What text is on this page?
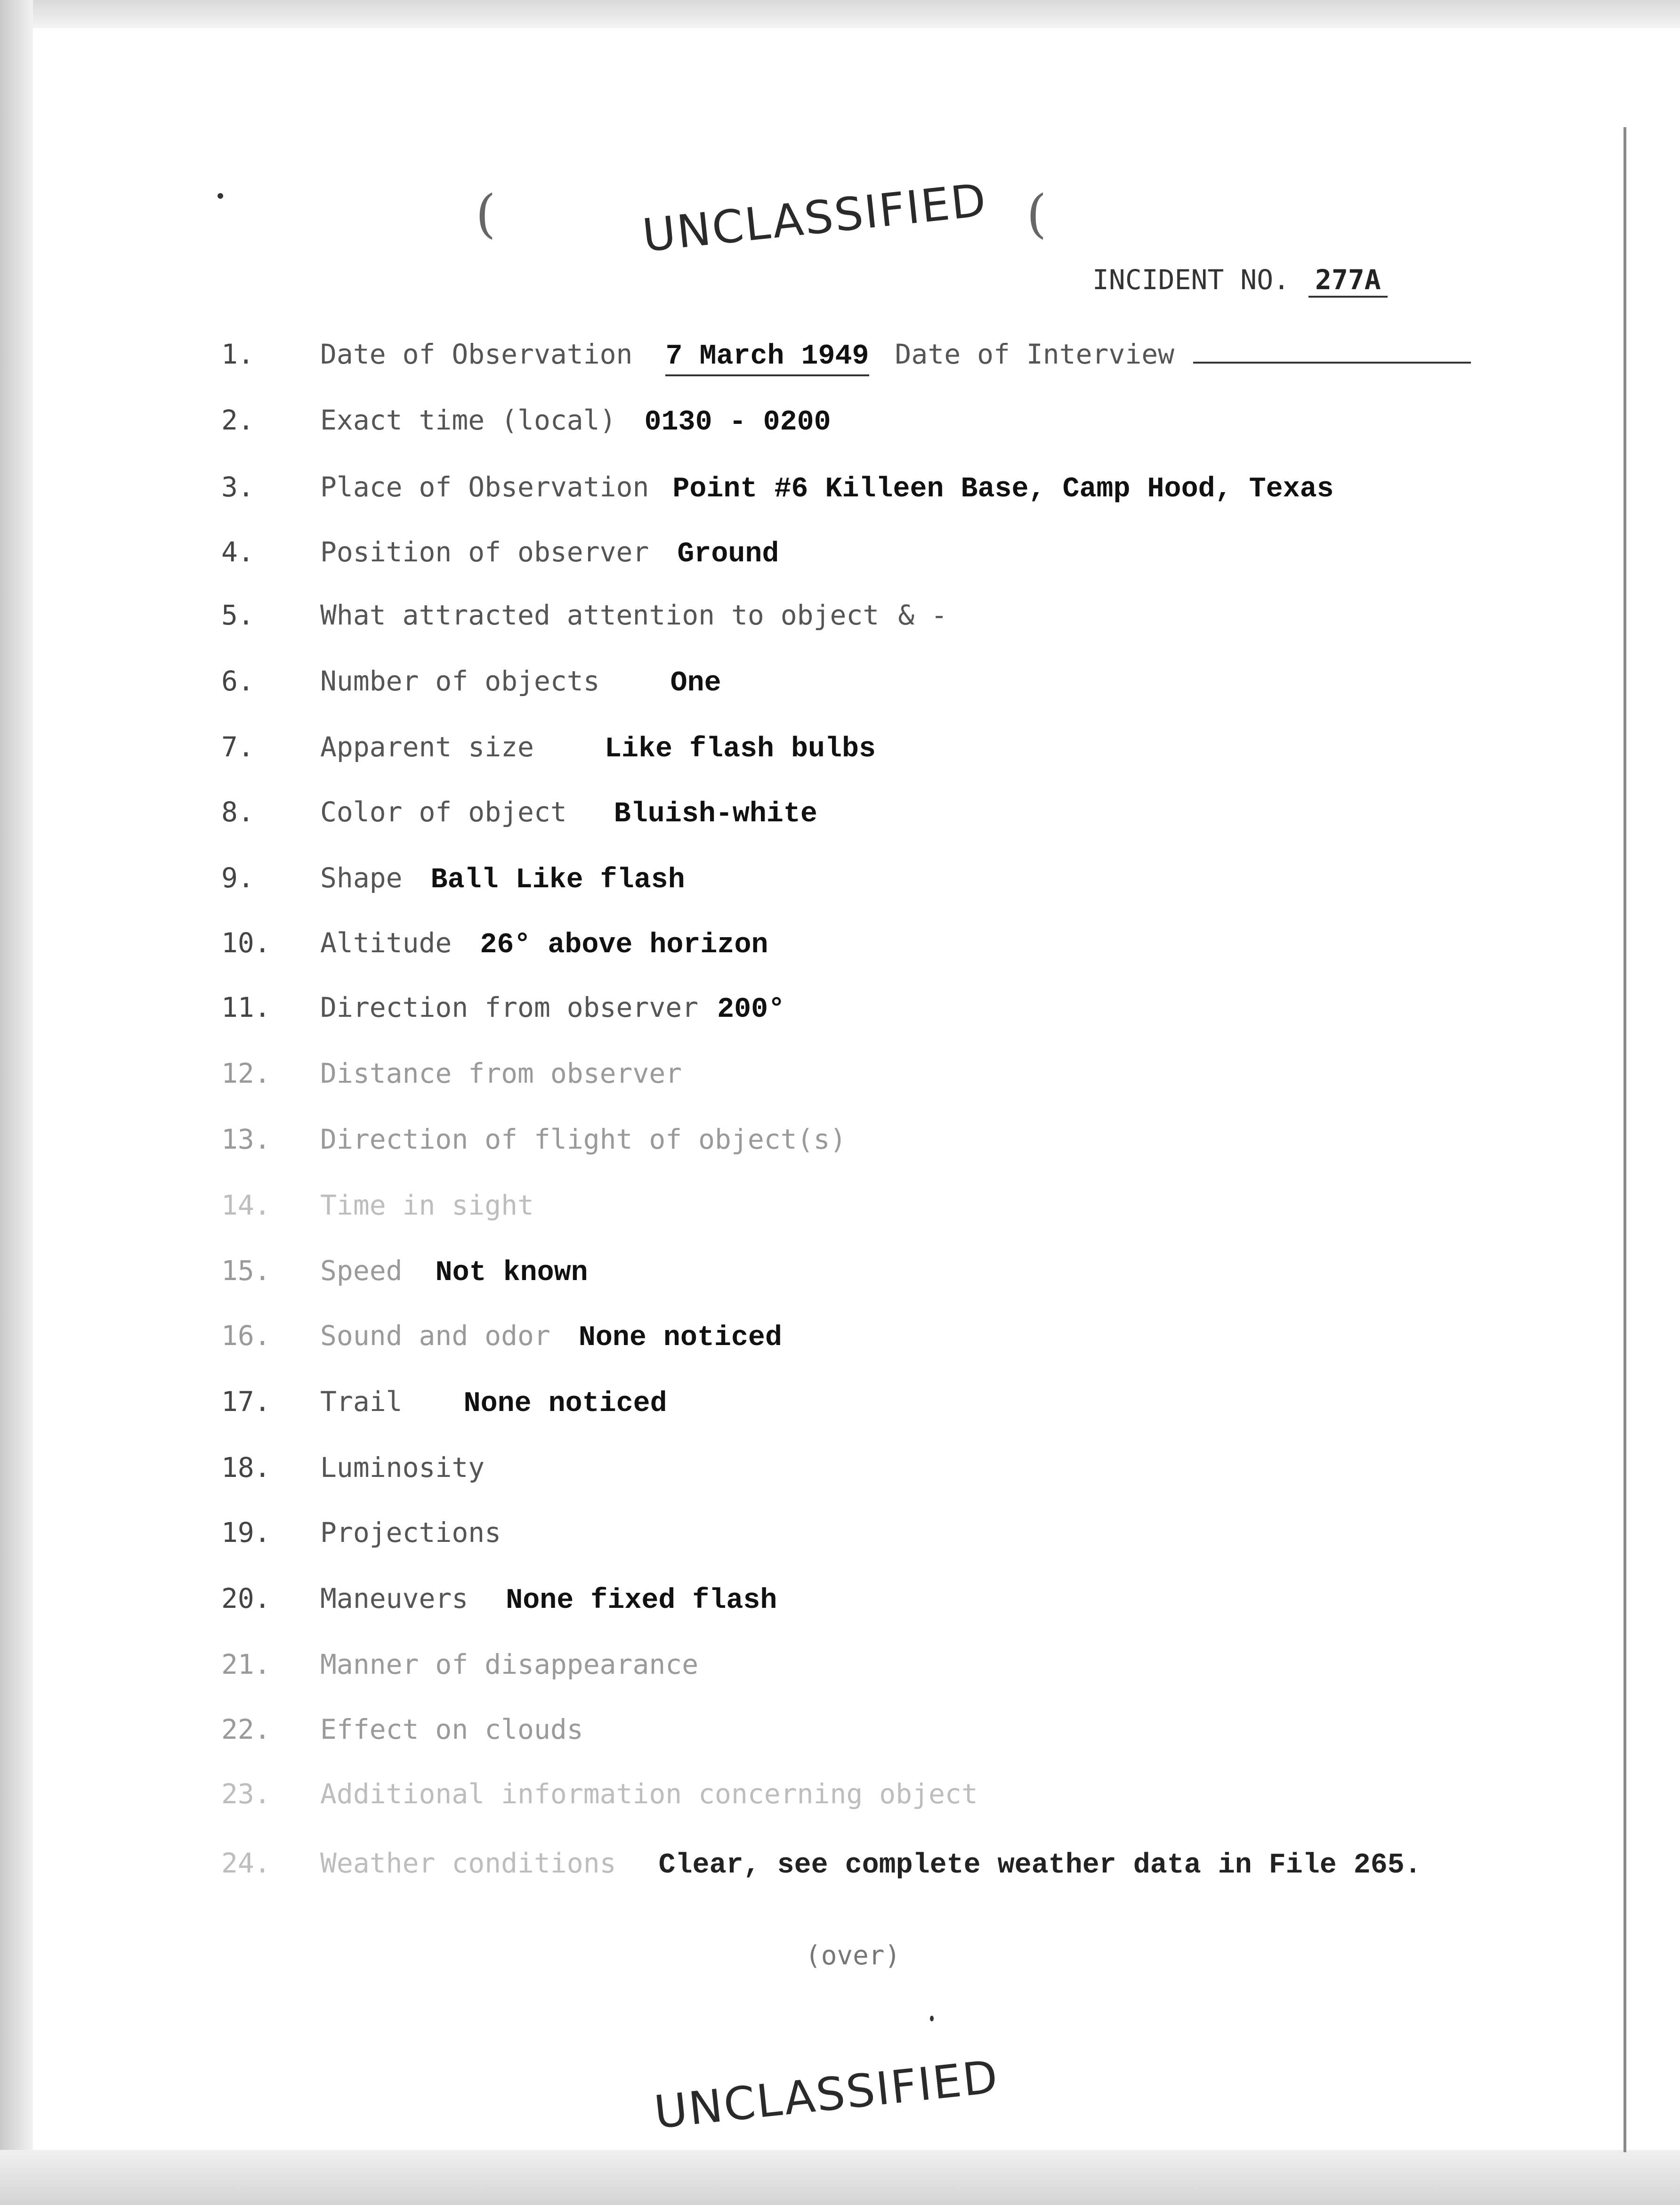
(	(
UNCLASSIFIED
INCIDENT NO. 277A
1. Date of Observation 7 March 1949 Date of Interview
2. Exact time (local) 0130 - 0200
3. Place of Observation Point #6 Killeen Base, Camp Hood, Texas
4. Position of observer Ground
5. What attracted attention to object & -
6. Number of objects	One
7. Apparent size	Like flash bulbs
8. Color of object Bluish-white
9. Shape Ball Like flash
10. Altitude 26° above horizon
11. Direction from observer 200°
12. Distance from observer
13. Direction of flight of object(s)
14. Time in sight
15. Speed Not known
16. Sound and odor None noticed
17. Trail None noticed
18. Luminosity
19. Projections
20. Maneuvers None fixed flash
21. Manner of disappearance
22. Effect on clouds
23. Additional information concerning object
24. Weather conditions Clear, see complete weather data in File 265.
(over)
UNCLASSIFIED
